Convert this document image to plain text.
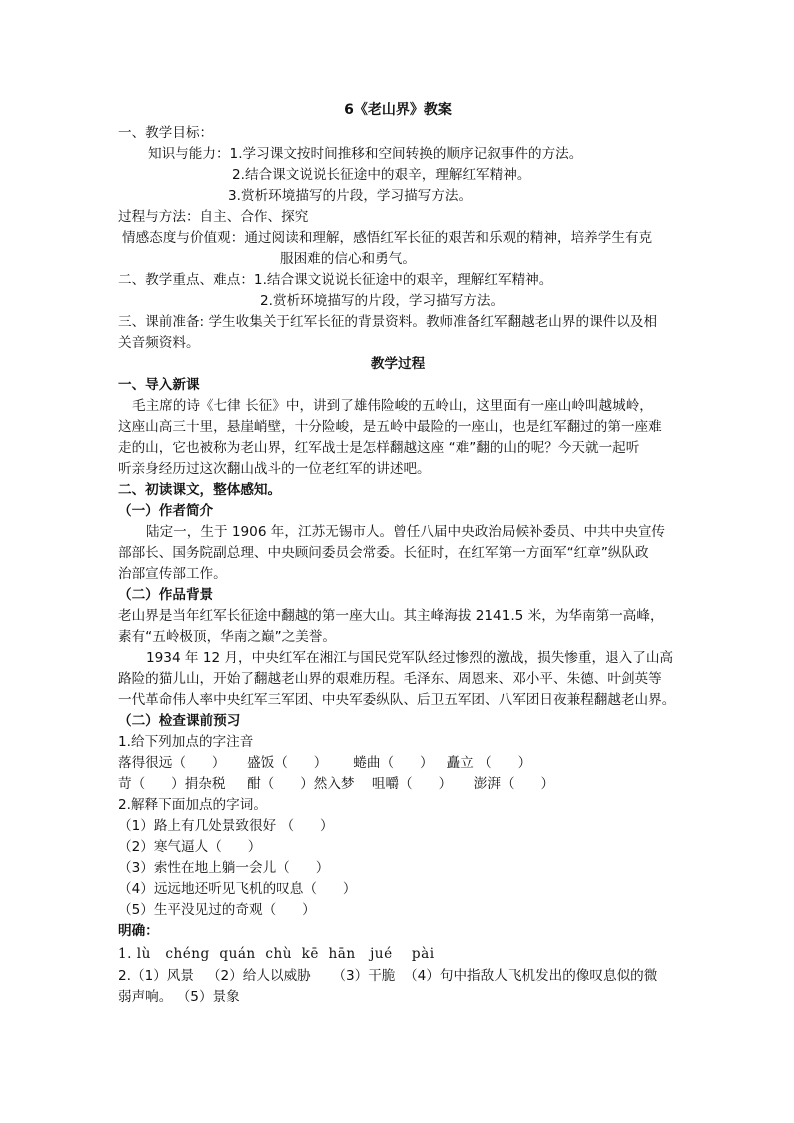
6《老山界》教案
一、教学目标：
知识与能力：1.学习课文按时间推移和空间转换的顺序记叙事件的方法。
2.结合课文说说长征途中的艰辛，理解红军精神。
3.赏析环境描写的片段，学习描写方法。
过程与方法：自主、合作、探究
情感态度与价值观：通过阅读和理解，感悟红军长征的艰苦和乐观的精神，培养学生有克
服困难的信心和勇气。
二、教学重点、难点：1.结合课文说说长征途中的艰辛，理解红军精神。
2.赏析环境描写的片段，学习描写方法。
三、课前准备: 学生收集关于红军长征的背景资料。教师准备红军翻越老山界的课件以及相
关音频资料。
教学过程
一、导入新课
毛主席的诗《七律 长征》中，讲到了雄伟险峻的五岭山，这里面有一座山岭叫越城岭，
这座山高三十里，悬崖峭壁，十分险峻，是五岭中最险的一座山，也是红军翻过的第一座难
走的山，它也被称为老山界，红军战士是怎样翻越这座 “难”翻的山的呢？今天就一起听
听亲身经历过这次翻山战斗的一位老红军的讲述吧。
二、初读课文，整体感知。
（一）作者简介
陆定一，生于 1906 年，江苏无锡市人。曾任八届中央政治局候补委员、中共中央宣传
部部长、国务院副总理、中央顾问委员会常委。长征时，在红军第一方面军“红章”纵队政
治部宣传部工作。
（二）作品背景
老山界是当年红军长征途中翻越的第一座大山。其主峰海拔 2141.5 米，为华南第一高峰，
素有“五岭极顶，华南之巅”之美誉。
1934 年 12 月，中央红军在湘江与国民党军队经过惨烈的激战，损失惨重，退入了山高
路险的猫儿山，开始了翻越老山界的艰难历程。毛泽东、周恩来、邓小平、朱德、叶剑英等
一代革命伟人率中央红军三军团、中央军委纵队、后卫五军团、八军团日夜兼程翻越老山界。
（二）检查课前预习
1.给下列加点的字注音
落得很远（      ）     盛饭（      ）      蜷曲（      ）   矗立 （      ）
苛（      ）捐杂税     酣（      ）然入梦    咀嚼（      ）     澎湃（      ）
2.解释下面加点的字词。
（1）路上有几处景致很好 （      ）
（2）寒气逼人（      ）
（3）索性在地上躺一会儿（      ）
（4）远远地还听见飞机的叹息（      ）
（5）生平没见过的奇观（      ）
明确：
1. lù   chéng  quán  chù  kē  hān   jué    pài
2.（1）风景   （2）给人以威胁     （3）干脆  （4）句中指敌人飞机发出的像叹息似的微
弱声响。 （5）景象
